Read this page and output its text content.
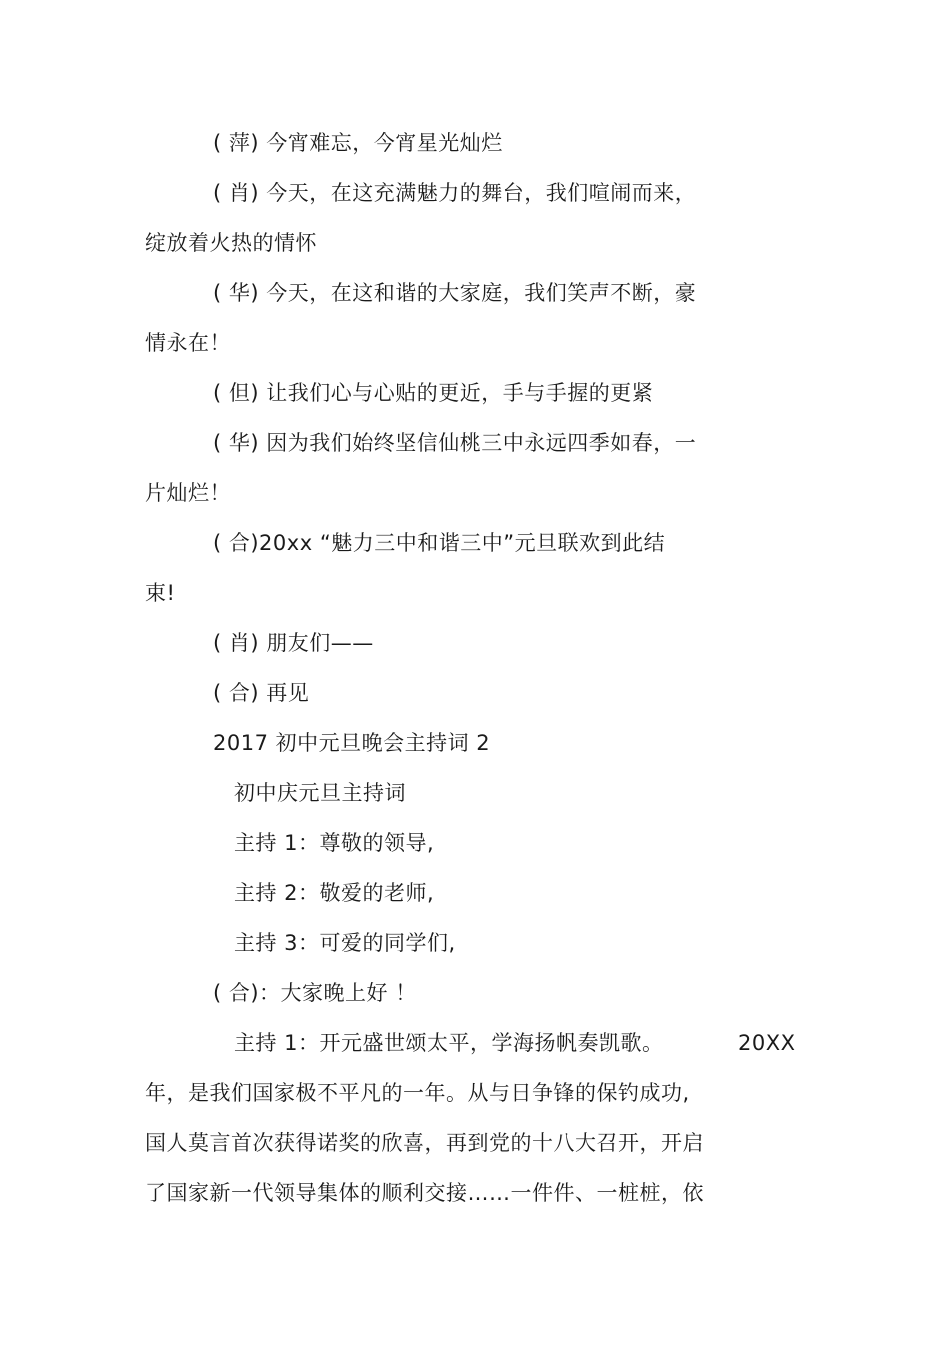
( 萍) 今宵难忘，今宵星光灿烂
( 肖) 今天，在这充满魅力的舞台，我们喧闹而来，
绽放着火热的情怀
( 华) 今天，在这和谐的大家庭，我们笑声不断，豪
情永在！
( 但) 让我们心与心贴的更近，手与手握的更紧
( 华) 因为我们始终坚信仙桃三中永远四季如春，一
片灿烂！
( 合)20xx “魅力三中和谐三中”元旦联欢到此结
束!
( 肖) 朋友们——
( 合) 再见
2017 初中元旦晚会主持词 2
初中庆元旦主持词
主持 1：尊敬的领导,
主持 2：敬爱的老师,
主持 3：可爱的同学们,
( 合)：大家晚上好 ！
主持 1：开元盛世颂太平，学海扬帆奏凯歌。	20XX
年，是我们国家极不平凡的一年。从与日争锋的保钓成功,
国人莫言首次获得诺奖的欣喜，再到党的十八大召开，开启
了国家新一代领导集体的顺利交接……一件件、一桩桩，依
